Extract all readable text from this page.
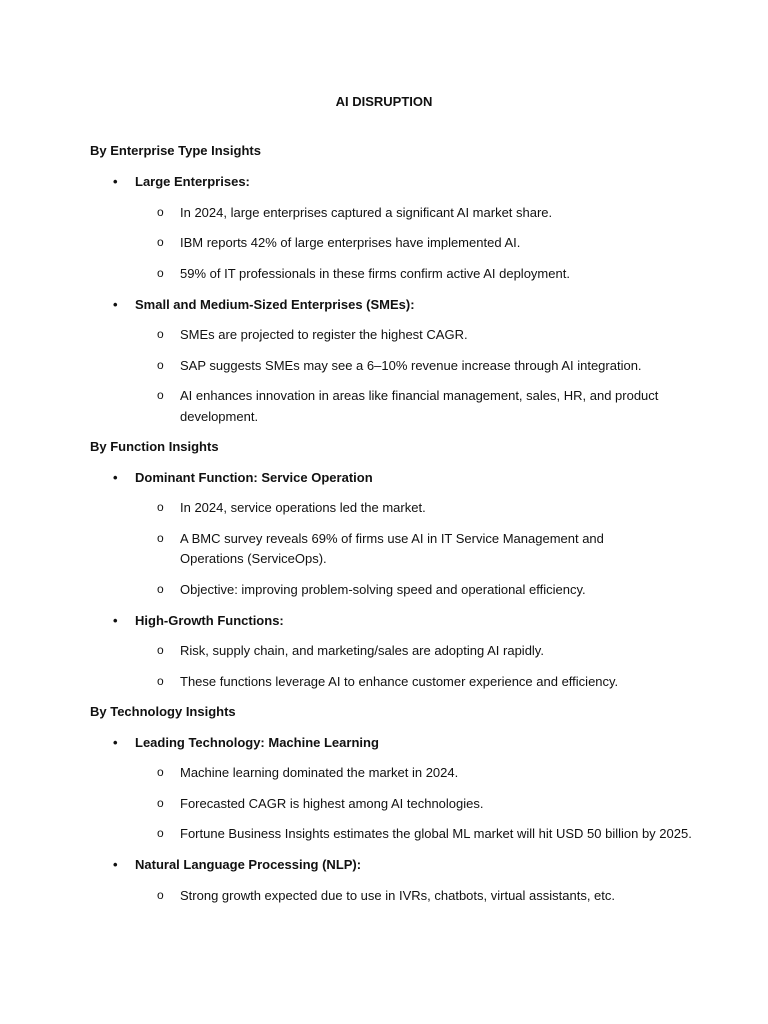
AI DISRUPTION
By Enterprise Type Insights
• Large Enterprises:
o In 2024, large enterprises captured a significant AI market share.
o IBM reports 42% of large enterprises have implemented AI.
o 59% of IT professionals in these firms confirm active AI deployment.
• Small and Medium-Sized Enterprises (SMEs):
o SMEs are projected to register the highest CAGR.
o SAP suggests SMEs may see a 6–10% revenue increase through AI integration.
o AI enhances innovation in areas like financial management, sales, HR, and product development.
By Function Insights
• Dominant Function: Service Operation
o In 2024, service operations led the market.
o A BMC survey reveals 69% of firms use AI in IT Service Management and Operations (ServiceOps).
o Objective: improving problem-solving speed and operational efficiency.
• High-Growth Functions:
o Risk, supply chain, and marketing/sales are adopting AI rapidly.
o These functions leverage AI to enhance customer experience and efficiency.
By Technology Insights
• Leading Technology: Machine Learning
o Machine learning dominated the market in 2024.
o Forecasted CAGR is highest among AI technologies.
o Fortune Business Insights estimates the global ML market will hit USD 50 billion by 2025.
• Natural Language Processing (NLP):
o Strong growth expected due to use in IVRs, chatbots, virtual assistants, etc.
